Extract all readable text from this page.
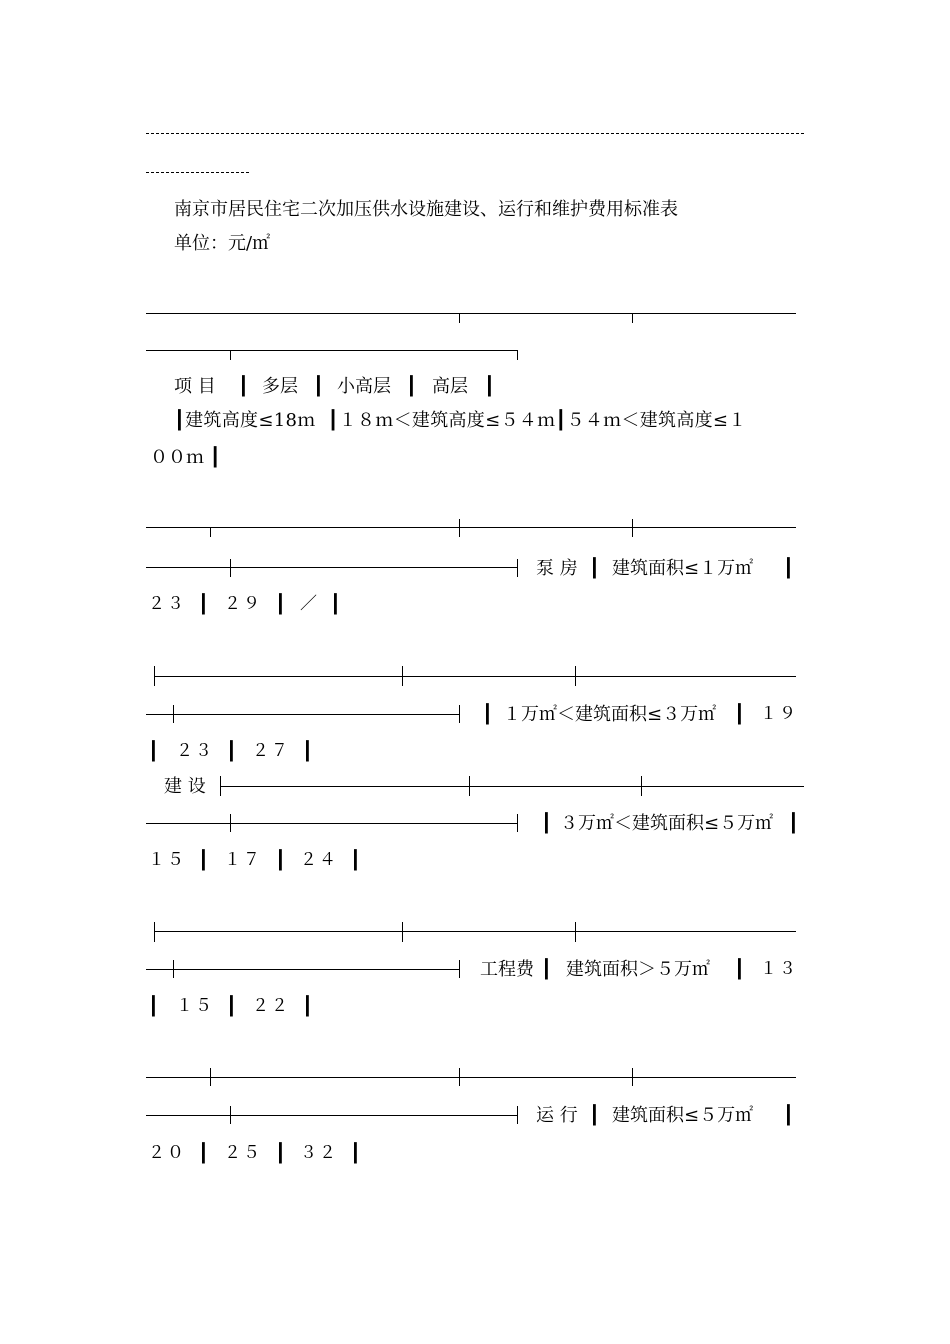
南京市居民住宅二次加压供水设施建设、运行和维护费用标准表
单位：元/㎡
项 目 ┃ 多层 ┃ 小高层 ┃ 高层 ┃
┃建筑高度≤18ｍ  ┃１８ｍ＜建筑高度≤５４ｍ┃５４ｍ＜建筑高度≤１
００ｍ ┃
泵 房 ┃ 建筑面积≤１万㎡ ┃
２３ ┃ ２９ ┃ ／ ┃
┃ １万㎡＜建筑面积≤３万㎡ ┃ １９
┃ ２３ ┃ ２７ ┃
建 设
┃ ３万㎡＜建筑面积≤５万㎡ ┃
１５ ┃ １７ ┃ ２４ ┃
工程费 ┃ 建筑面积＞５万㎡ ┃ １３
┃ １５ ┃ ２２ ┃
运 行 ┃ 建筑面积≤５万㎡ ┃
２０ ┃ ２５ ┃ ３２ ┃
